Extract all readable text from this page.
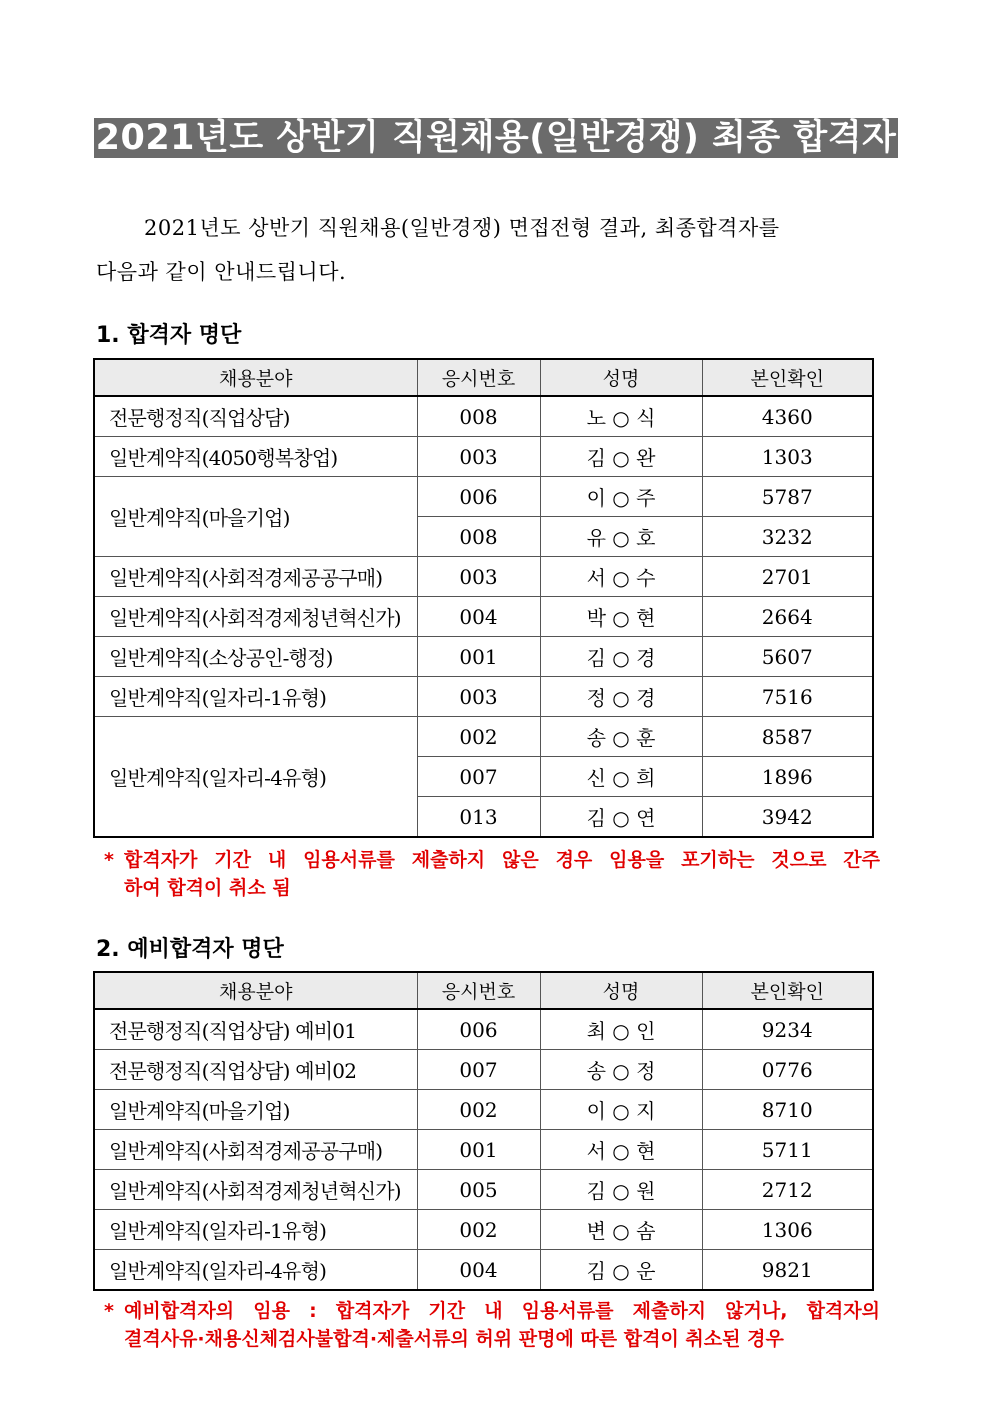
2021년도 상반기 직원채용(일반경쟁) 최종 합격자
2021년도 상반기 직원채용(일반경쟁) 면접전형 결과, 최종합격자를
다음과 같이 안내드립니다.
1. 합격자 명단
채용분야	응시번호	성명	본인확인
전문행정직(직업상담)	008	노 ○ 식	4360
일반계약직(4050행복창업)	003	김 ○ 완	1303
일반계약직(마을기업)	006	이 ○ 주	5787
	008	유 ○ 호	3232
일반계약직(사회적경제공공구매)	003	서 ○ 수	2701
일반계약직(사회적경제청년혁신가)	004	박 ○ 현	2664
일반계약직(소상공인-행정)	001	김 ○ 경	5607
일반계약직(일자리-1유형)	003	정 ○ 경	7516
일반계약직(일자리-4유형)	002	송 ○ 훈	8587
	007	신 ○ 희	1896
	013	김 ○ 연	3942
* 합격자가 기간 내 임용서류를 제출하지 않은 경우 임용을 포기하는 것으로 간주
하여 합격이 취소 됨
2. 예비합격자 명단
채용분야	응시번호	성명	본인확인
전문행정직(직업상담) 예비01	006	최 ○ 인	9234
전문행정직(직업상담) 예비02	007	송 ○ 정	0776
일반계약직(마을기업)	002	이 ○ 지	8710
일반계약직(사회적경제공공구매)	001	서 ○ 현	5711
일반계약직(사회적경제청년혁신가)	005	김 ○ 원	2712
일반계약직(일자리-1유형)	002	변 ○ 솜	1306
일반계약직(일자리-4유형)	004	김 ○ 운	9821
* 예비합격자의 임용 : 합격자가 기간 내 임용서류를 제출하지 않거나, 합격자의
결격사유·채용신체검사불합격·제출서류의 허위 판명에 따른 합격이 취소된 경우
